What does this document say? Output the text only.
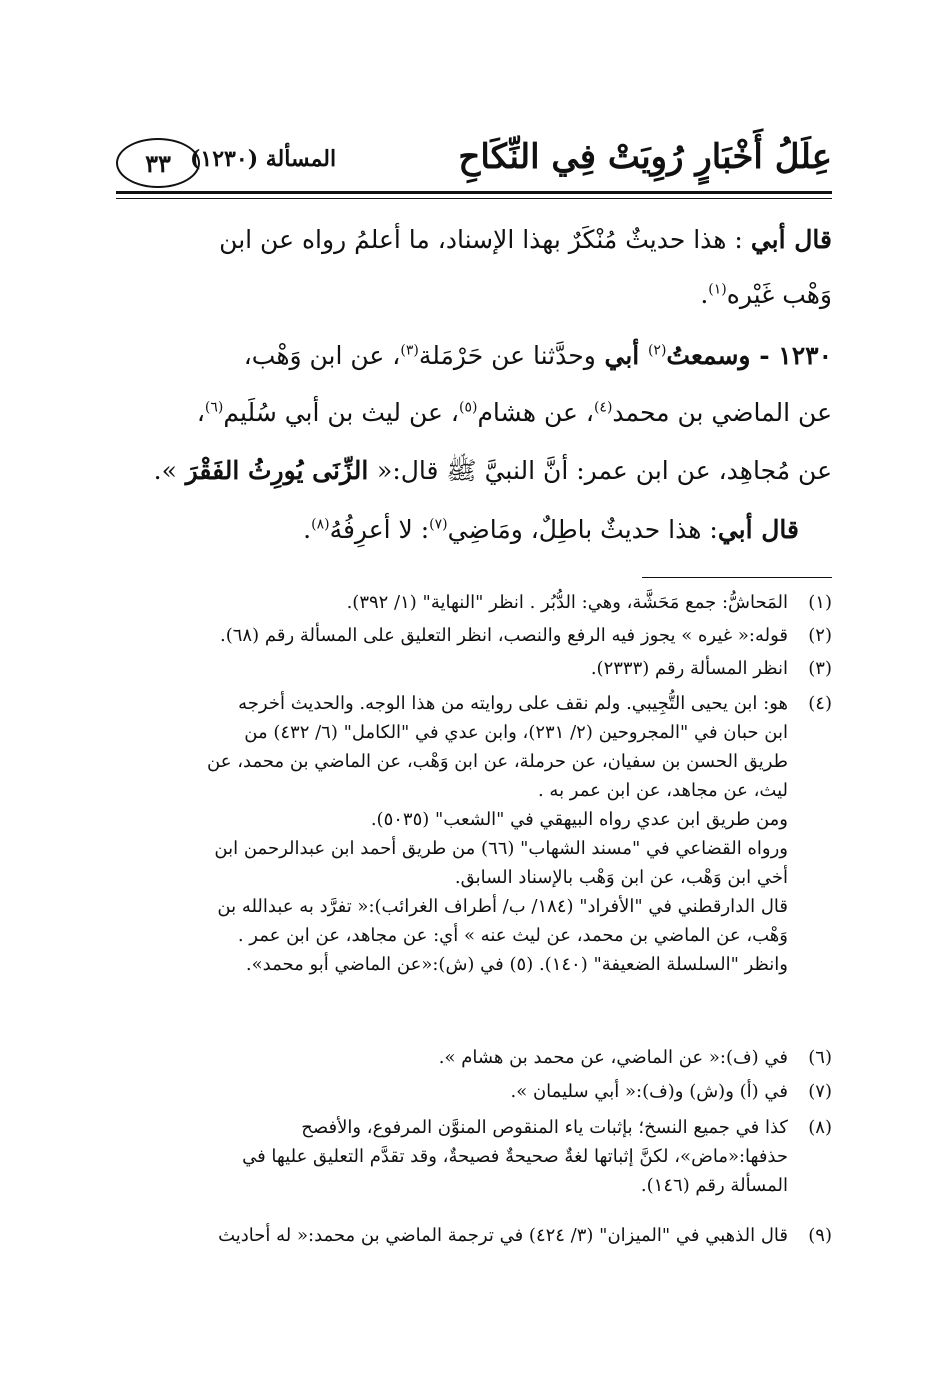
عِلَلُ أَخْبَارٍ رُوِيَتْ فِي النِّكَاحِ
المسألة (١٢٣٠)
٣٣
قال أبي : هذا حديثٌ مُنْكَرٌ بهذا الإسناد، ما أعلمُ رواه عن ابن
وَهْب غَيْره$^{(١)}$.
١٢٣٠ - وسمعتُ$^{(٢)}$ أبي وحدَّثنا عن حَرْمَلة$^{(٣)}$، عن ابن وَهْب،
عن الماضي بن محمد$^{(٤)}$، عن هشام$^{(٥)}$، عن ليث بن أبي سُلَيم$^{(٦)}$،
عن مُجاهِد، عن ابن عمر: أنَّ النبيَّ ﷺ قال:« الزِّنَى يُورِثُ الفَقْرَ ».
قال أبي: هذا حديثٌ باطِلٌ، ومَاضِي$^{(٧)}$: لا أعرِفُهُ$^{(٨)}$.
(١)
المَحاشُّ: جمع مَحَشَّة، وهي: الدُّبُر . انظر "النهاية" (١/ ٣٩٢).
(٢)
قوله:« غيره » يجوز فيه الرفع والنصب، انظر التعليق على المسألة رقم (٦٨).
(٣)
انظر المسألة رقم (٢٣٣٣).
(٤)
هو: ابن يحيى التُّجِيبي. ولم نقف على روايته من هذا الوجه. والحديث أخرجه
ابن حبان في "المجروحين (٢/ ٢٣١)، وابن عدي في "الكامل" (٦/ ٤٣٢) من
طريق الحسن بن سفيان، عن حرملة، عن ابن وَهْب، عن الماضي بن محمد، عن
ليث، عن مجاهد، عن ابن عمر به .
ومن طريق ابن عدي رواه البيهقي في "الشعب" (٥٠٣٥).
ورواه القضاعي في "مسند الشهاب" (٦٦) من طريق أحمد ابن عبدالرحمن ابن
أخي ابن وَهْب، عن ابن وَهْب بالإسناد السابق.
قال الدارقطني في "الأفراد" (١٨٤/ ب/ أطراف الغرائب):« تفرَّد به عبدالله بن
وَهْب، عن الماضي بن محمد، عن ليث عنه » أي: عن مجاهد، عن ابن عمر .
وانظر "السلسلة الضعيفة" (١٤٠). (٥) في (ش):«عن الماضي أبو محمد».
(٦)
في (ف):« عن الماضي، عن محمد بن هشام ».
(٧)
في (أ) و(ش) و(ف):« أبي سليمان ».
(٨)
كذا في جميع النسخ؛ بإثبات ياء المنقوص المنوَّن المرفوع، والأفصح
حذفها:«ماض»، لكنَّ إثباتها لغةٌ صحيحةٌ فصيحةٌ، وقد تقدَّم التعليق عليها في
المسألة رقم (١٤٦).
(٩)
قال الذهبي في "الميزان" (٣/ ٤٢٤) في ترجمة الماضي بن محمد:« له أحاديث
